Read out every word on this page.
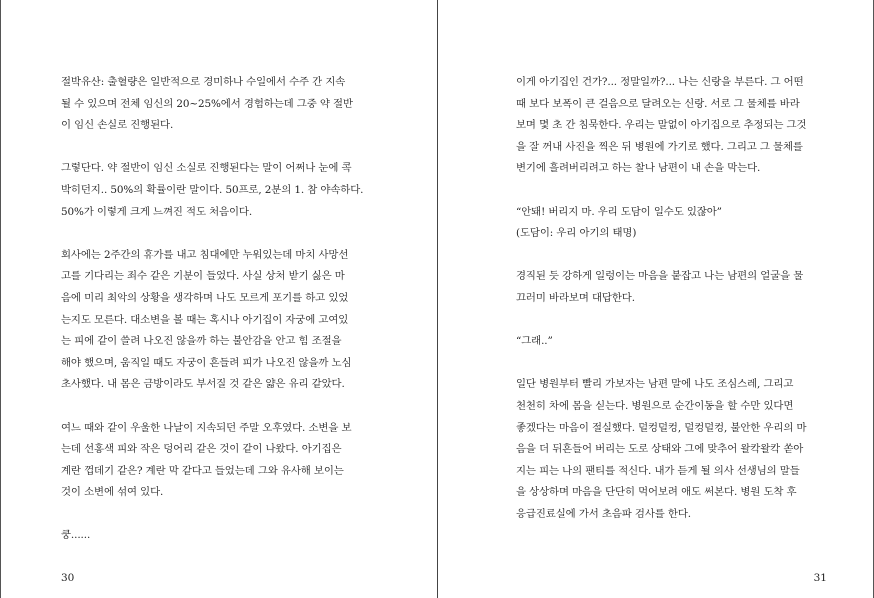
절박유산: 출혈량은 일반적으로 경미하나 수일에서 수주 간 지속
될 수 있으며 전체 임신의 20~25%에서 경험하는데 그중 약 절반
이 임신 손실로 진행된다.

그렇단다. 약 절반이 임신 소실로 진행된다는 말이 어쩌나 눈에 콕
박히던지.. 50%의 확률이란 말이다. 50프로, 2분의 1. 참 야속하다.
50%가 이렇게 크게 느껴진 적도 처음이다.

회사에는 2주간의 휴가를 내고 침대에만 누워있는데 마치 사망선
고를 기다리는 죄수 같은 기분이 들었다. 사실 상처 받기 싫은 마
음에 미리 최악의 상황을 생각하며 나도 모르게 포기를 하고 있었
는지도 모른다. 대소변을 볼 때는 혹시나 아기집이 자궁에 고여있
는 피에 같이 쓸려 나오진 않을까 하는 불안감을 안고 힘 조절을
해야 했으며, 움직일 때도 자궁이 흔들려 피가 나오진 않을까 노심
초사했다. 내 몸은 금방이라도 부서질 것 같은 얇은 유리 같았다.

여느 때와 같이 우울한 나날이 지속되던 주말 오후였다. 소변을 보
는데 선홍색 피와 작은 덩어리 같은 것이 같이 나왔다. 아기집은
계란 껍데기 같은? 계란 막 같다고 들었는데 그와 유사해 보이는
것이 소변에 섞여 있다.

쿵......

30

이게 아기집인 건가?... 정말일까?... 나는 신랑을 부른다. 그 어떤
때 보다 보폭이 큰 걸음으로 달려오는 신랑. 서로 그 물체를 바라
보며 몇 초 간 침묵한다. 우리는 말없이 아기집으로 추정되는 그것
을 잘 꺼내 사진을 찍은 뒤 병원에 가기로 했다. 그리고 그 물체를
변기에 흘려버리려고 하는 찰나 남편이 내 손을 막는다.

“안돼! 버리지 마. 우리 도담이 일수도 있잖아”
(도담이: 우리 아기의 태명)

경직된 듯 강하게 일렁이는 마음을 붙잡고 나는 남편의 얼굴을 물
끄러미 바라보며 대답한다.

“그래..”

일단 병원부터 빨리 가보자는 남편 말에 나도 조심스레, 그리고
천천히 차에 몸을 싣는다. 병원으로 순간이동을 할 수만 있다면
좋겠다는 마음이 절실했다. 덜컹덜컹, 덜컹덜컹, 불안한 우리의 마
음을 더 뒤흔들어 버리는 도로 상태와 그에 맞추어 왈칵왈칵 쏟아
지는 피는 나의 팬티를 적신다. 내가 듣게 될 의사 선생님의 말들
을 상상하며 마음을 단단히 먹어보려 애도 써본다. 병원 도착 후
응급진료실에 가서 초음파 검사를 한다.

31
